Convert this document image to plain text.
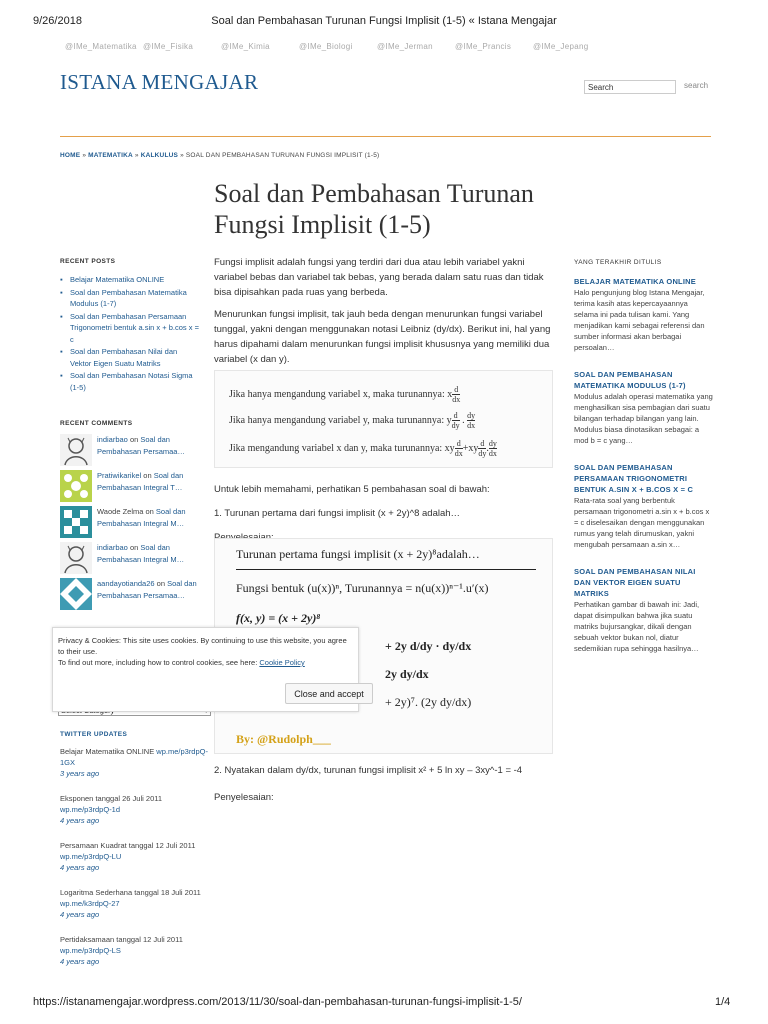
9/26/2018	Soal dan Pembahasan Turunan Fungsi Implisit (1-5) « Istana Mengajar
@IMe_Matematika @IMe_Fisika	@IMe_Kimia	@IMe_Biologi	@IMe_Jerman	@IMe_Prancis	@IMe_Jepang
ISTANA MENGAJAR
Search	search
HOME » MATEMATIKA » KALKULUS » SOAL DAN PEMBAHASAN TURUNAN FUNGSI IMPLISIT (1-5)
Soal dan Pembahasan Turunan Fungsi Implisit (1-5)
RECENT POSTS
▪ Belajar Matematika ONLINE
▪ Soal dan Pembahasan Matematika Modulus (1-7)
▪ Soal dan Pembahasan Persamaan Trigonometri bentuk a.sin x + b.cos x = c
▪ Soal dan Pembahasan Nilai dan Vektor Eigen Suatu Matriks
▪ Soal dan Pembahasan Notasi Sigma (1-5)
RECENT COMMENTS
indiarbao on Soal dan Pembahasan Persamaa…
Pratiwikarikel on Soal dan Pembahasan Integral T…
Waode Zelma on Soal dan Pembahasan Integral M…
indiarbao on Soal dan Pembahasan Integral M…
aandayotianda26 on Soal dan Pembahasan Persamaa…
TWITTER UPDATES
Belajar Matematika ONLINE wp.me/p3rdpQ-1GX
3 years ago
Eksponen tanggal 26 Juli 2011 wp.me/p3rdpQ-1d
4 years ago
Persamaan Kuadrat tanggal 12 Juli 2011 wp.me/p3rdpQ-LU
4 years ago
Logaritma Sederhana tanggal 18 Juli 2011 wp.me/k3rdpQ-27
4 years ago
Pertidaksamaan tanggal 12 Juli 2011 wp.me/p3rdpQ-LS
4 years ago

Fungsi implisit adalah fungsi yang terdiri dari dua atau lebih variabel yakni variabel bebas dan variabel tak bebas, yang berada dalam satu ruas dan tidak bisa dipisahkan pada ruas yang berbeda.

Menurunkan fungsi implisit, tak jauh beda dengan menurunkan fungsi variabel tunggal, yakni dengan menggunakan notasi Leibniz (dy/dx). Berikut ini, hal yang harus dipahami dalam menurunkan fungsi implisit khususnya yang memiliki dua variabel (x dan y).

Jika hanya mengandung variabel x, maka turunannya: x $\frac{d}{dx}$
Jika hanya mengandung variabel y, maka turunannya: y $\frac{d}{dy}$ . $\frac{dy}{dx}$
Jika mengandung variabel x dan y, maka turunannya: xy $\frac{d}{dx} +xy \frac{d}{dy}$ . $\frac{dy}{dx}$

Untuk lebih memahami, perhatikan 5 pembahasan soal di bawah:

1. Turunan pertama dari fungsi implisit (x + 2y)^8 adalah…

Turunan pertama fungsi implisit (x + 2y)⁸adalah…
Fungsi bentuk (u(x))ⁿ, Turunannya = n(u(x))ⁿ⁻¹.u′(x)
f(x, y) = (x + 2y)⁸
+ 2y d/dy · dy/dx
2y dy/dx
+ 2y)⁷. (2y dy/dx)
By: @Rudolph___

2. Nyatakan dalam dy/dx, turunan fungsi implisit x² + 5 ln xy – 3xy^-1 = -4

Penyelesaian:

YANG TERAKHIR DITULIS
BELAJAR MATEMATIKA ONLINE
Halo pengunjung blog Istana Mengajar, terima kasih atas kepercayaannya selama ini pada tulisan kami. Yang menjadikan kami sebagai referensi dan sumber informasi akan berbagai persoalan…
SOAL DAN PEMBAHASAN MATEMATIKA MODULUS (1-7)
Modulus adalah operasi matematika yang menghasilkan sisa pembagian dari suatu bilangan terhadap bilangan yang lain. Modulus biasa dinotasikan sebagai: a mod b = c yang…
SOAL DAN PEMBAHASAN PERSAMAAN TRIGONOMETRI BENTUK A.SIN X + B.COS X = C
Rata-rata soal yang berbentuk persamaan trigonometri a.sin x + b.cos x = c diselesaikan dengan menggunakan rumus yang telah dirumuskan, yakni mengubah persamaan a.sin x…
SOAL DAN PEMBAHASAN NILAI DAN VEKTOR EIGEN SUATU MATRIKS
Perhatikan gambar di bawah ini: Jadi, dapat disimpulkan bahwa jika suatu matriks bujursangkar, dikali dengan sebuah vektor bukan nol, diatur sedemikian rupa sehingga hasilnya…
Privacy & Cookies: This site uses cookies. By continuing to use this website, you agree to their use.
To find out more, including how to control cookies, see here: Cookie Policy
Close and accept
https://istanamengajar.wordpress.com/2013/11/30/soal-dan-pembahasan-turunan-fungsi-implisit-1-5/	1/4
